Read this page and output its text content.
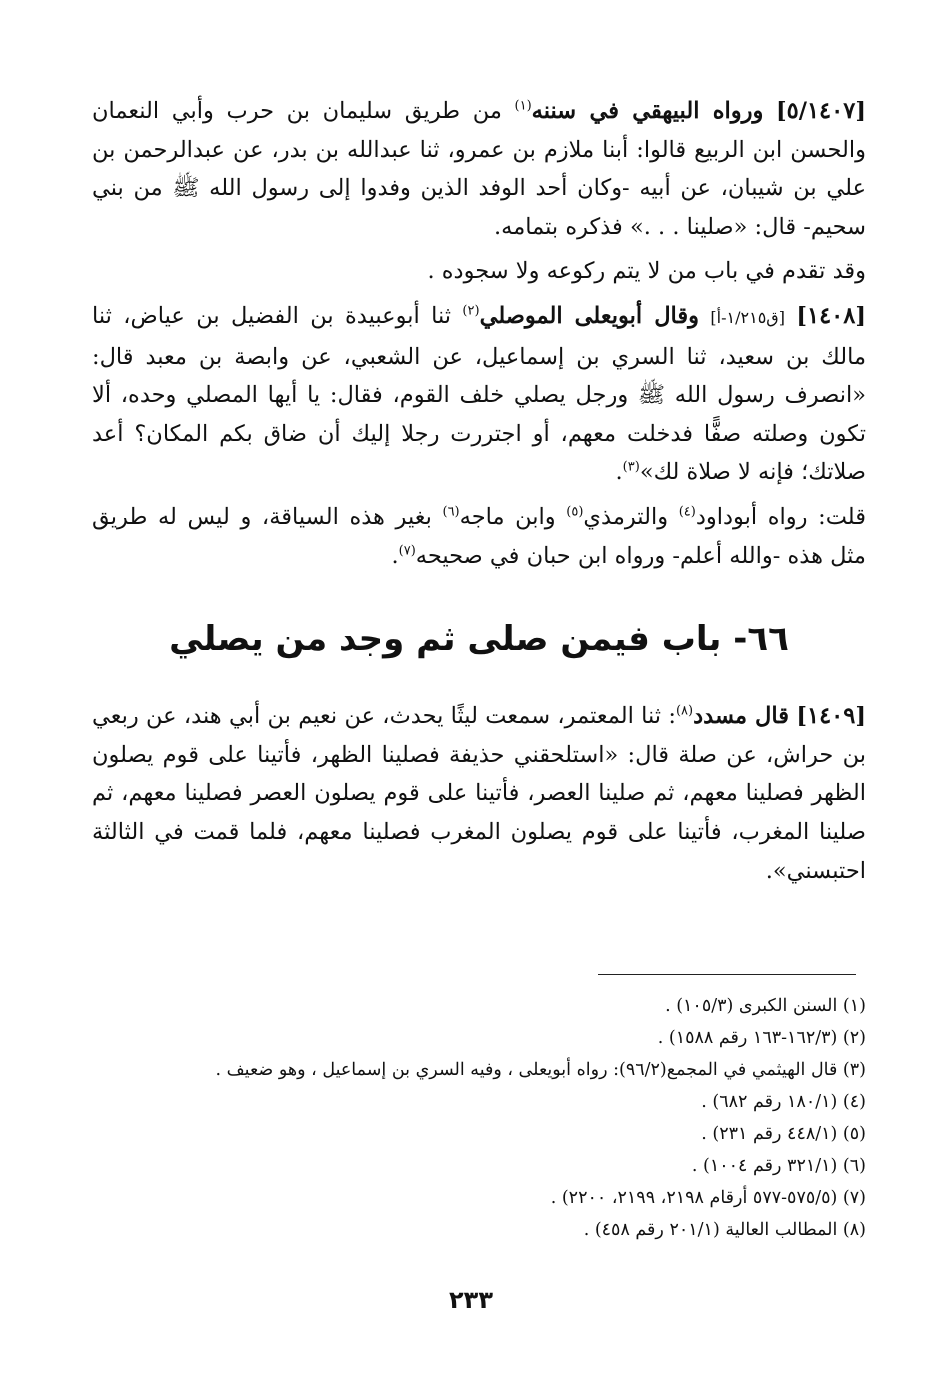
[٥/١٤٠٧] ورواه البيهقي في سننه$^{(١)}$ من طريق سليمان بن حرب وأبي النعمان والحسن ابن الربيع قالوا: أبنا ملازم بن عمرو، ثنا عبدالله بن بدر، عن عبدالرحمن بن علي بن شيبان، عن أبيه -وكان أحد الوفد الذين وفدوا إلى رسول الله ﷺ من بني سحيم- قال: «صلينا . . .» فذكره بتمامه.

وقد تقدم في باب من لا يتم ركوعه ولا سجوده .

[١٤٠٨] [ق١/٢١٥-أ] وقال أبويعلى الموصلي$^{(٢)}$ ثنا أبوعبيدة بن الفضيل بن عياض، ثنا مالك بن سعيد، ثنا السري بن إسماعيل، عن الشعبي، عن وابصة بن معبد قال: «انصرف رسول الله ﷺ ورجل يصلي خلف القوم، فقال: يا أيها المصلي وحده، ألا تكون وصلته صفًّا فدخلت معهم، أو اجتررت رجلا إليك أن ضاق بكم المكان؟ أعد صلاتك؛ فإنه لا صلاة لك»$^{(٣)}$.

قلت: رواه أبوداود$^{(٤)}$ والترمذي$^{(٥)}$ وابن ماجه$^{(٦)}$ بغير هذه السياقة، و ليس له طريق مثل هذه -والله أعلم- ورواه ابن حبان في صحيحه$^{(٧)}$.

٦٦- باب فيمن صلى ثم وجد من يصلي

[١٤٠٩] قال مسدد$^{(٨)}$: ثنا المعتمر، سمعت ليثًا يحدث، عن نعيم بن أبي هند، عن ربعي بن حراش، عن صلة قال: «استلحقني حذيفة فصلينا الظهر، فأتينا على قوم يصلون الظهر فصلينا معهم، ثم صلينا العصر، فأتينا على قوم يصلون العصر فصلينا معهم، ثم صلينا المغرب، فأتينا على قوم يصلون المغرب فصلينا معهم، فلما قمت في الثالثة احتبسني».

(١) السنن الكبرى (١٠٥/٣) .
(٢) (١٦٢/٣-١٦٣ رقم ١٥٨٨) .
(٣) قال الهيثمي في المجمع(٩٦/٢): رواه أبويعلى ، وفيه السري بن إسماعيل ، وهو ضعيف .
(٤) (١٨٠/١ رقم ٦٨٢) .
(٥) (٤٤٨/١ رقم ٢٣١) .
(٦) (٣٢١/١ رقم ١٠٠٤) .
(٧) (٥٧٥/٥-٥٧٧ أرقام ٢١٩٨، ٢١٩٩، ٢٢٠٠) .
(٨) المطالب العالية (٢٠١/١ رقم ٤٥٨) .
٢٣٣
